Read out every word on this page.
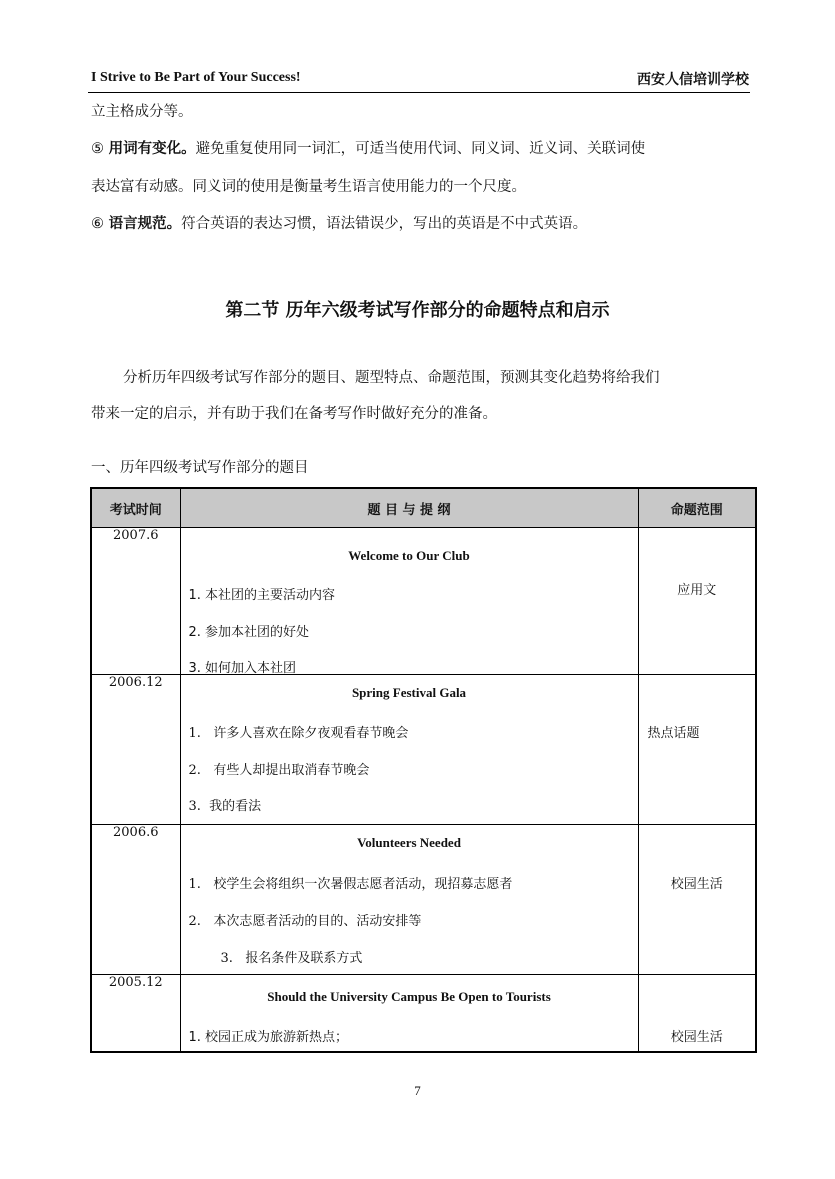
I Strive to Be Part of Your Success!	西安人信培训学校
立主格成分等。
⑤ 用词有变化。避免重复使用同一词汇，可适当使用代词、同义词、近义词、关联词使
表达富有动感。同义词的使用是衡量考生语言使用能力的一个尺度。
⑥ 语言规范。符合英语的表达习惯，语法错误少，写出的英语是不中式英语。
第二节 历年六级考试写作部分的命题特点和启示
分析历年四级考试写作部分的题目、题型特点、命题范围，预测其变化趋势将给我们
带来一定的启示，并有助于我们在备考写作时做好充分的准备。
一、历年四级考试写作部分的题目
考试时间	题 目 与 提 纲	命题范围
2007.6	Welcome to Our Club
1. 本社团的主要活动内容
2. 参加本社团的好处
3. 如何加入本社团	应用文

2006.12	Spring Festival Gala
1. 许多人喜欢在除夕夜观看春节晚会
2. 有些人却提出取消春节晚会
3. 我的看法	热点话题

2006.6	Volunteers Needed
1. 校学生会将组织一次暑假志愿者活动，现招募志愿者
2. 本次志愿者活动的目的、活动安排等
3. 报名条件及联系方式	校园生活

2005.12	Should the University Campus Be Open to Tourists
1. 校园正成为旅游新热点；	校园生活
7
